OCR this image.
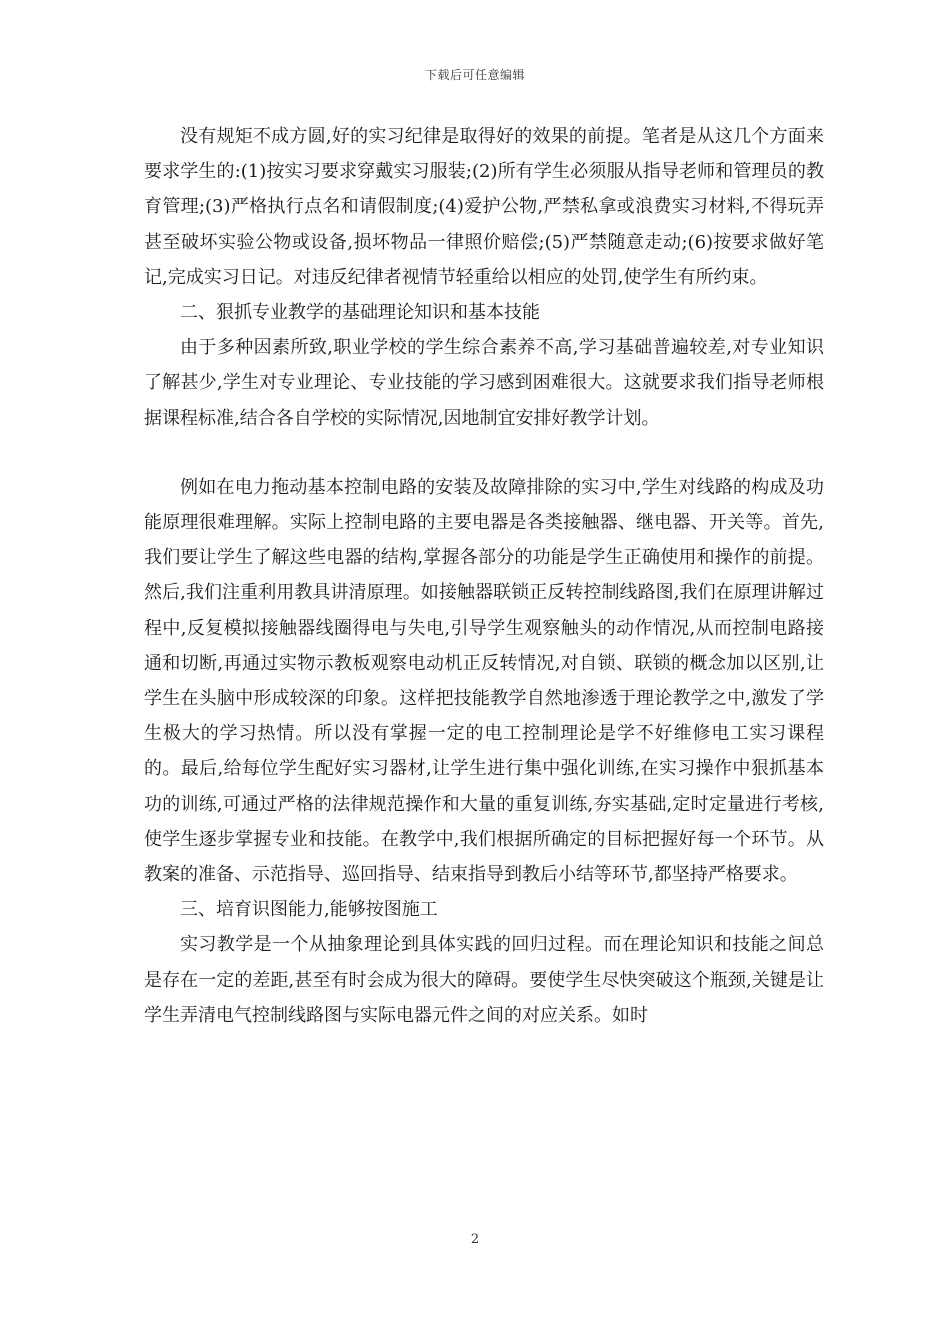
下载后可任意编辑

没有规矩不成方圆,好的实习纪律是取得好的效果的前提。笔者是从这几个方面来要求学生的:(1)按实习要求穿戴实习服装;(2)所有学生必须服从指导老师和管理员的教育管理;(3)严格执行点名和请假制度;(4)爱护公物,严禁私拿或浪费实习材料,不得玩弄甚至破坏实验公物或设备,损坏物品一律照价赔偿;(5)严禁随意走动;(6)按要求做好笔记,完成实习日记。对违反纪律者视情节轻重给以相应的处罚,使学生有所约束。

二、狠抓专业教学的基础理论知识和基本技能

由于多种因素所致,职业学校的学生综合素养不高,学习基础普遍较差,对专业知识了解甚少,学生对专业理论、专业技能的学习感到困难很大。这就要求我们指导老师根据课程标准,结合各自学校的实际情况,因地制宜安排好教学计划。

例如在电力拖动基本控制电路的安装及故障排除的实习中,学生对线路的构成及功能原理很难理解。实际上控制电路的主要电器是各类接触器、继电器、开关等。首先,我们要让学生了解这些电器的结构,掌握各部分的功能是学生正确使用和操作的前提。然后,我们注重利用教具讲清原理。如接触器联锁正反转控制线路图,我们在原理讲解过程中,反复模拟接触器线圈得电与失电,引导学生观察触头的动作情况,从而控制电路接通和切断,再通过实物示教板观察电动机正反转情况,对自锁、联锁的概念加以区别,让学生在头脑中形成较深的印象。这样把技能教学自然地渗透于理论教学之中,激发了学生极大的学习热情。所以没有掌握一定的电工控制理论是学不好维修电工实习课程的。最后,给每位学生配好实习器材,让学生进行集中强化训练,在实习操作中狠抓基本功的训练,可通过严格的法律规范操作和大量的重复训练,夯实基础,定时定量进行考核,使学生逐步掌握专业和技能。在教学中,我们根据所确定的目标把握好每一个环节。从教案的准备、示范指导、巡回指导、结束指导到教后小结等环节,都坚持严格要求。

三、培育识图能力,能够按图施工

实习教学是一个从抽象理论到具体实践的回归过程。而在理论知识和技能之间总是存在一定的差距,甚至有时会成为很大的障碍。要使学生尽快突破这个瓶颈,关键是让学生弄清电气控制线路图与实际电器元件之间的对应关系。如时

2
